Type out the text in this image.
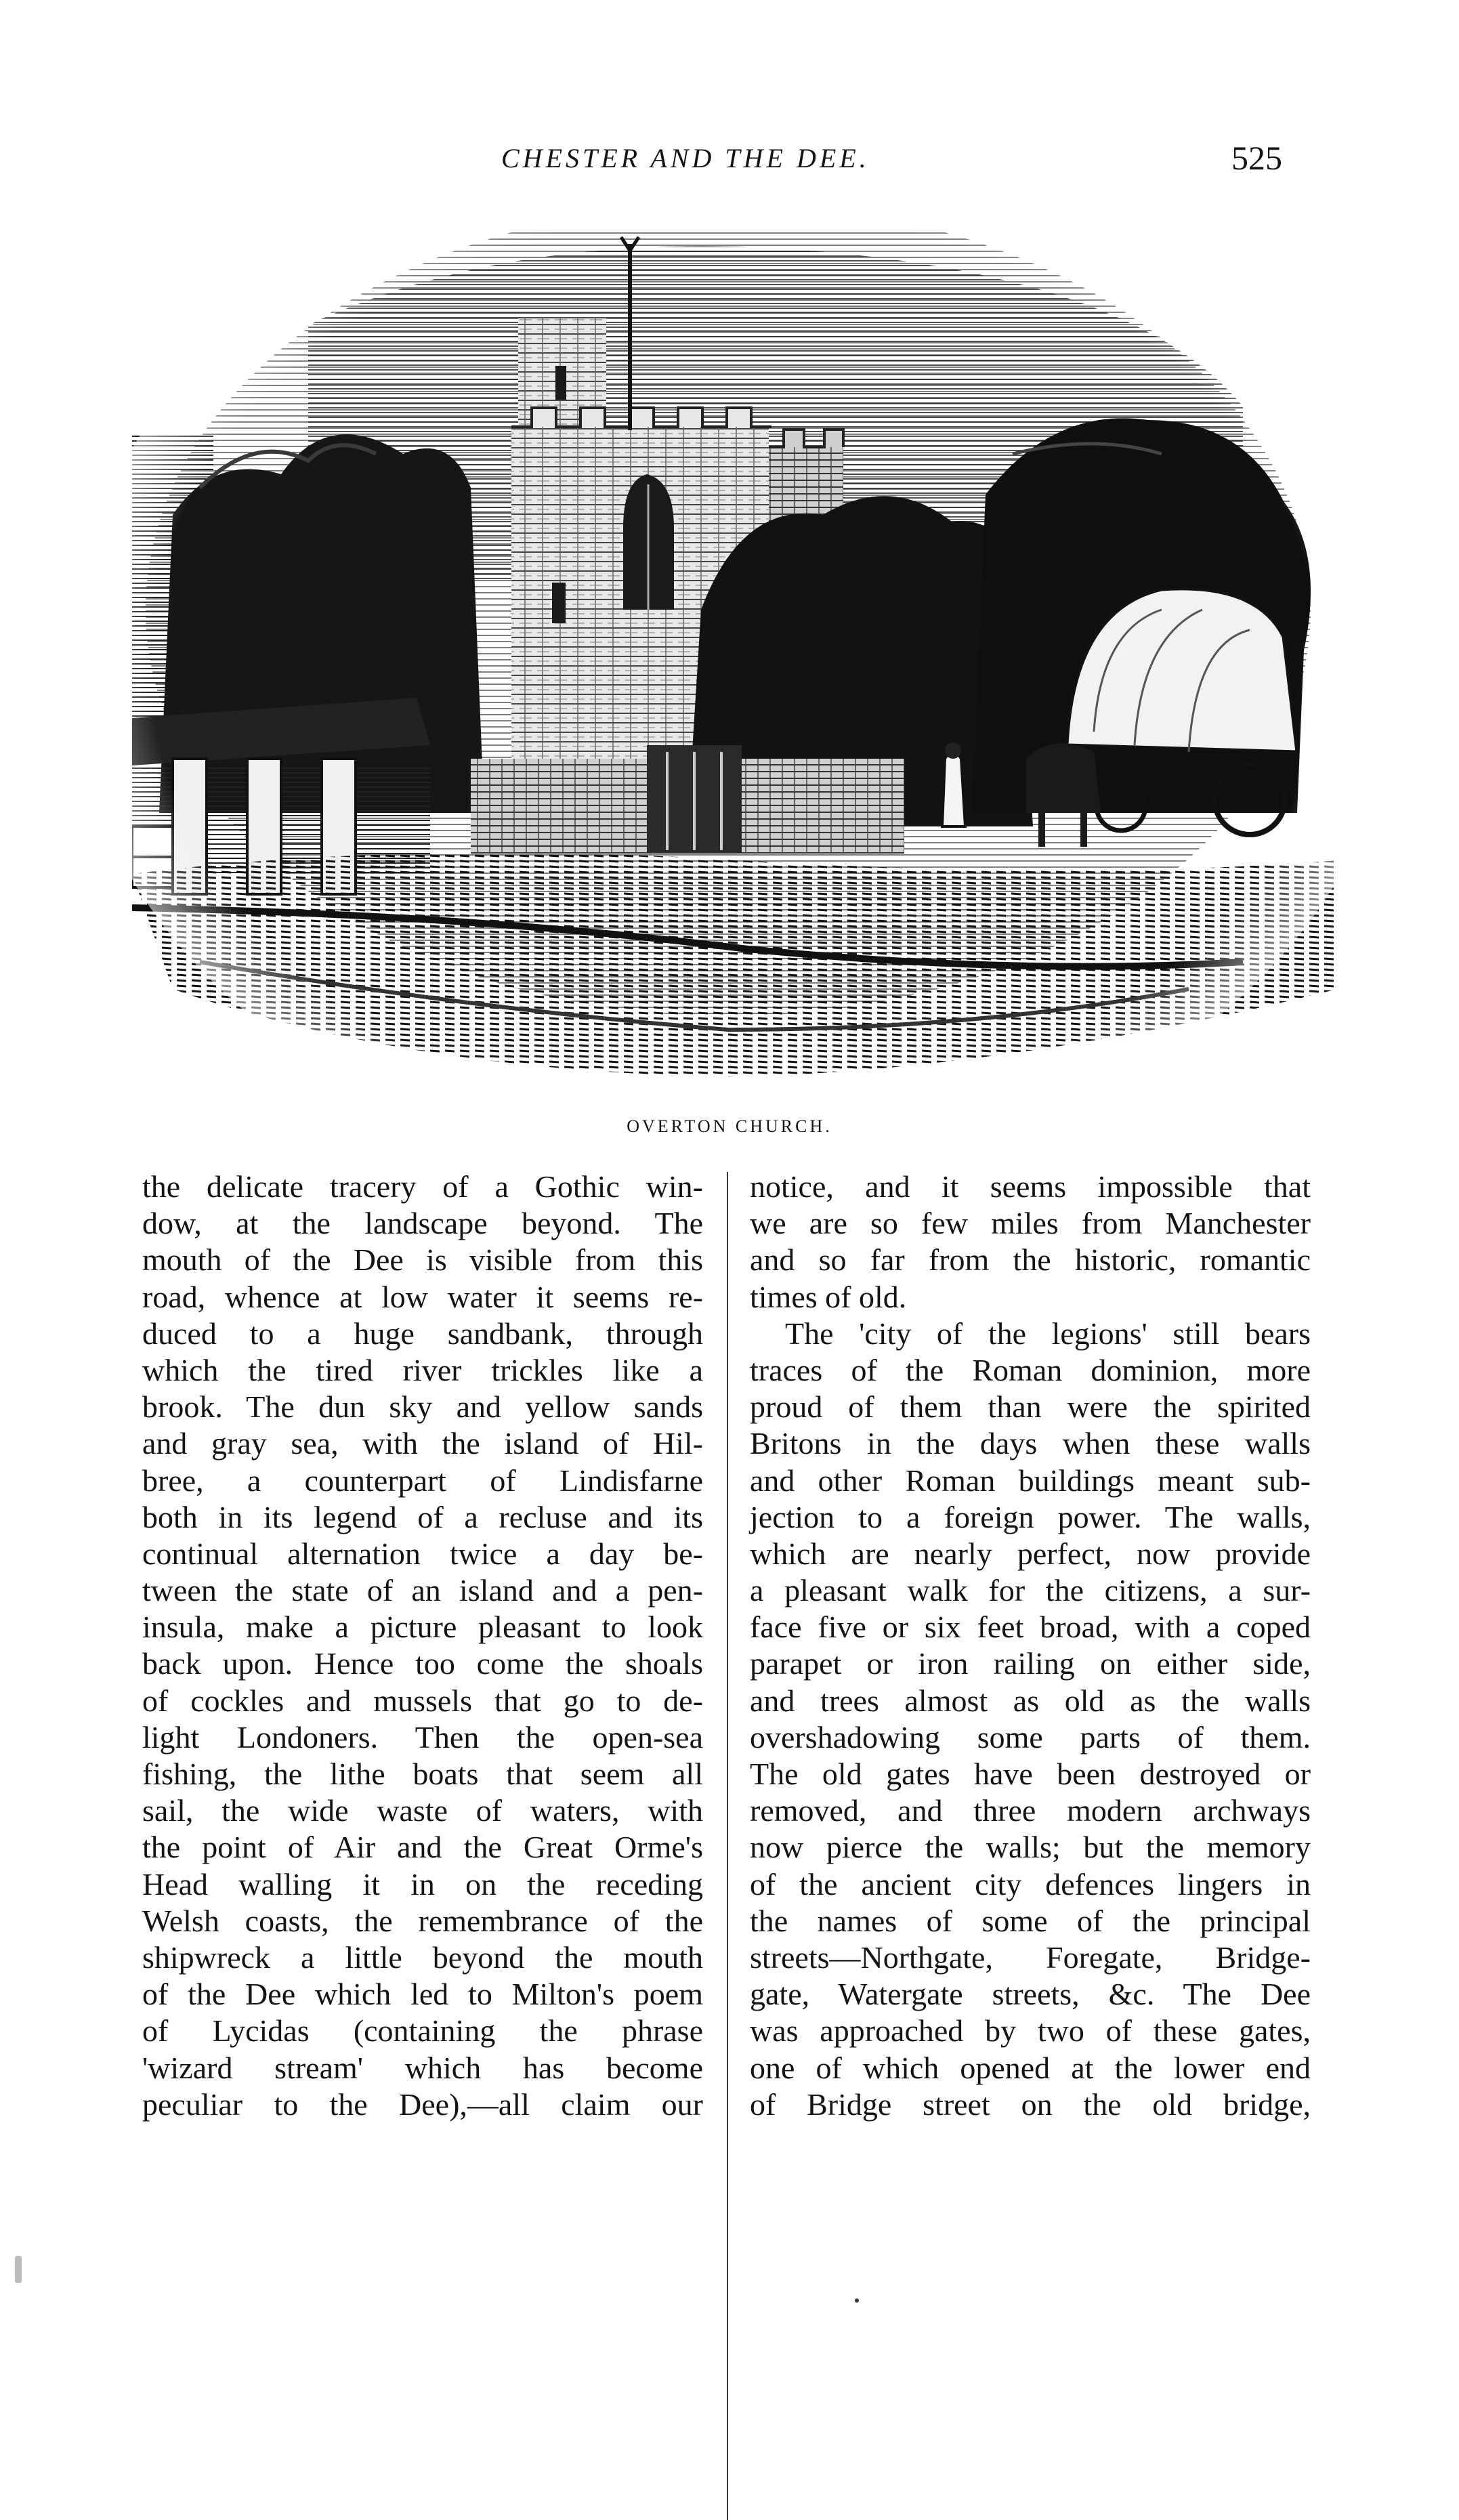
CHESTER AND THE DEE.	525
OVERTON CHURCH.
the delicate tracery of a Gothic win-
dow, at the landscape beyond. The
mouth of the Dee is visible from this
road, whence at low water it seems re-
duced to a huge sandbank, through
which the tired river trickles like a
brook. The dun sky and yellow sands
and gray sea, with the island of Hil-
bree, a counterpart of Lindisfarne
both in its legend of a recluse and its
continual alternation twice a day be-
tween the state of an island and a pen-
insula, make a picture pleasant to look
back upon. Hence too come the shoals
of cockles and mussels that go to de-
light Londoners. Then the open-sea
fishing, the lithe boats that seem all
sail, the wide waste of waters, with
the point of Air and the Great Orme's
Head walling it in on the receding
Welsh coasts, the remembrance of the
shipwreck a little beyond the mouth
of the Dee which led to Milton's poem
of Lycidas (containing the phrase
'wizard stream' which has become
peculiar to the Dee),—all claim our
notice, and it seems impossible that
we are so few miles from Manchester
and so far from the historic, romantic
times of old.
The 'city of the legions' still bears
traces of the Roman dominion, more
proud of them than were the spirited
Britons in the days when these walls
and other Roman buildings meant sub-
jection to a foreign power. The walls,
which are nearly perfect, now provide
a pleasant walk for the citizens, a sur-
face five or six feet broad, with a coped
parapet or iron railing on either side,
and trees almost as old as the walls
overshadowing some parts of them.
The old gates have been destroyed or
removed, and three modern archways
now pierce the walls; but the memory
of the ancient city defences lingers in
the names of some of the principal
streets—Northgate, Foregate, Bridge-
gate, Watergate streets, &c. The Dee
was approached by two of these gates,
one of which opened at the lower end
of Bridge street on the old bridge,
